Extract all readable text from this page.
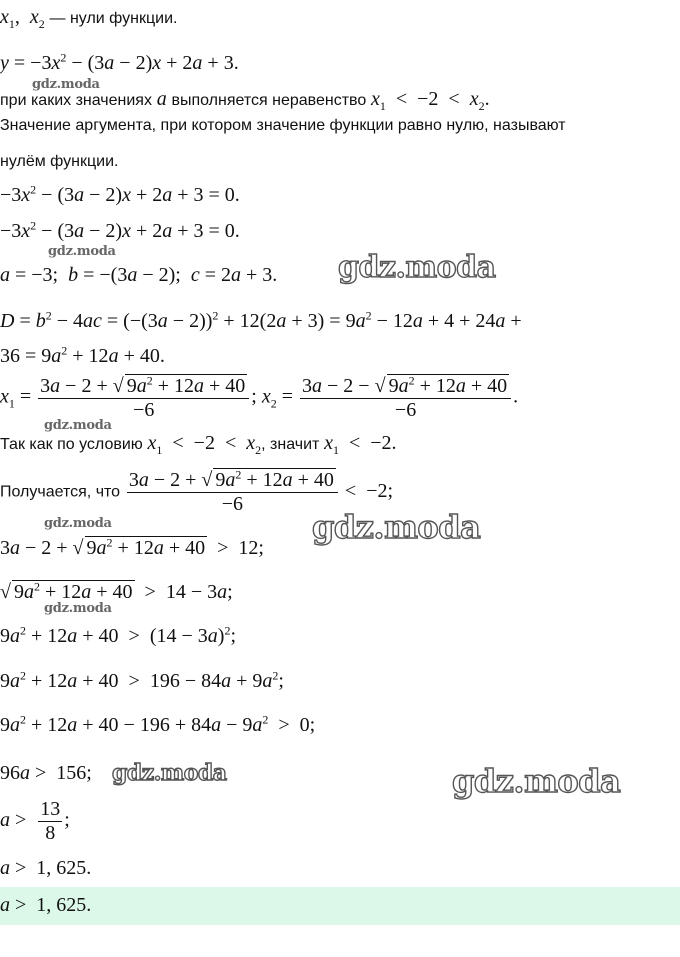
$x_1$,  $x_2$ — нули функции.
$y = -3x^2 - (3a - 2)x + 2a + 3$.
при каких значениях a выполняется неравенство $x_1 < -2 < x_2$.
Значение аргумента, при котором значение функции равно нулю, называют
нулём функции.
$-3x^2 - (3a - 2)x + 2a + 3 = 0$.
$-3x^2 - (3a - 2)x + 2a + 3 = 0$.
a = −3;  b = −(3a − 2);  c = 2a + 3.
$D = b^2 - 4ac = (-(3a - 2))^2 + 12(2a + 3) = 9a^2 - 12a + 4 + 24a$ +
$36 = 9a^2 + 12a + 40$.
$x_1 = \frac{3a - 2 + √ 9a^2 + 12a + 40}{-6}$ ; $x_2 = \frac{3a - 2 - √ 9a^2 + 12a + 40}{-6}$ .
Так как по условию $x_1 < -2 < x_2$, значит $x_1 < -2$.
Получается, что $\frac{3a - 2 + √ 9a^2 + 12a + 40}{-6} < -2$;
3a − 2 + √ $9a^2 + 12a + 40 > 12$;
√ $9a^2 + 12a + 40 > 14 - 3a$;
$9a^2 + 12a + 40 > (14 - 3a)^2$;
$9a^2 + 12a + 40 > 196 - 84a + 9a^2$;
$9a^2 + 12a + 40 - 196 + 84a - 9a^2 > 0$;
96a >  156;
$a > \frac{13}{8}$ ;
a >  1, 625.
a >  1, 625.
gdz.moda
gdz.moda
gdz.moda
gdz.moda
gdz.moda
gdz.moda
gdz.moda
gdz.moda	gdz.moda
